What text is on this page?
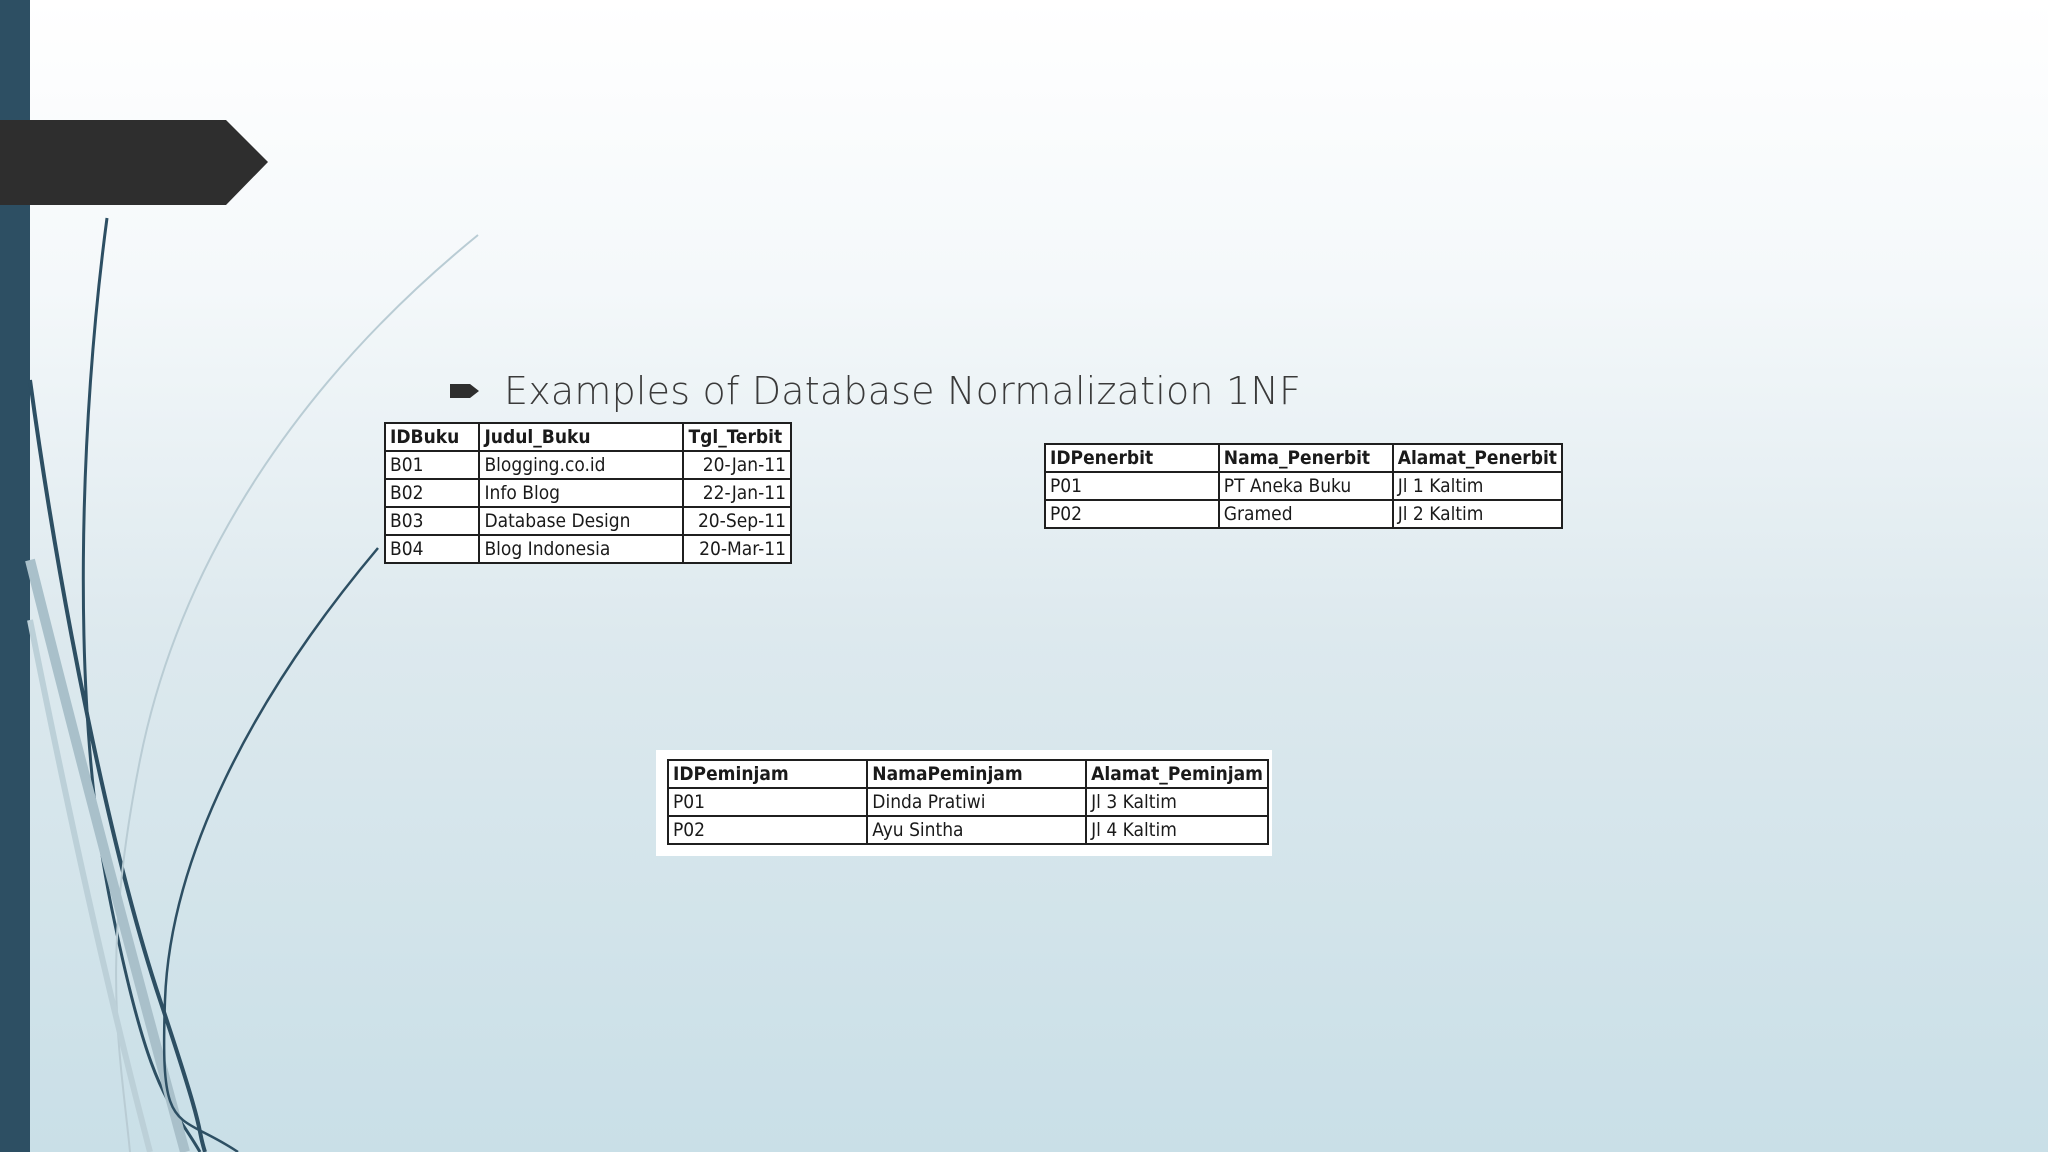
Examples of Database Normalization 1NF
IDBuku	Judul_Buku	Tgl_Terbit
B01	Blogging.co.id	20-Jan-11
B02	Info Blog	22-Jan-11
B03	Database Design	20-Sep-11
B04	Blog Indonesia	20-Mar-11
IDPenerbit	Nama_Penerbit	Alamat_Penerbit
P01	PT Aneka Buku	Jl 1 Kaltim
P02	Gramed	Jl 2 Kaltim
IDPeminjam	NamaPeminjam	Alamat_Peminjam
P01	Dinda Pratiwi	Jl 3 Kaltim
P02	Ayu Sintha	Jl 4 Kaltim
